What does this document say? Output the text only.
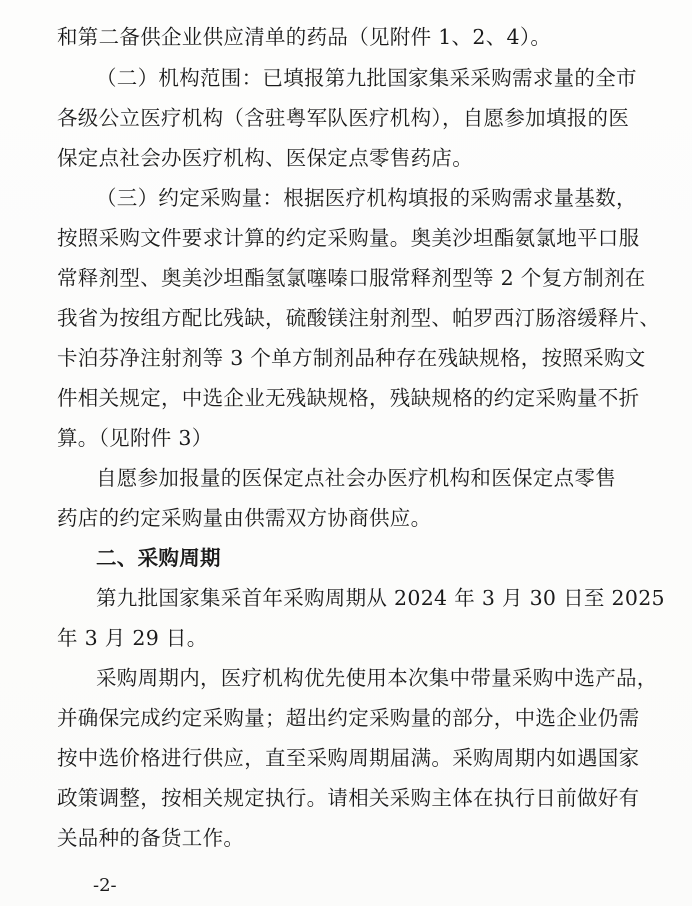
和第二备供企业供应清单的药品（见附件 1、2、4）。

（二）机构范围：已填报第九批国家集采采购需求量的全市

各级公立医疗机构（含驻粤军队医疗机构），自愿参加填报的医

保定点社会办医疗机构、医保定点零售药店。

（三）约定采购量：根据医疗机构填报的采购需求量基数，

按照采购文件要求计算的约定采购量。奥美沙坦酯氨氯地平口服

常释剂型、奥美沙坦酯氢氯噻嗪口服常释剂型等 2 个复方制剂在

我省为按组方配比残缺，硫酸镁注射剂型、帕罗西汀肠溶缓释片、

卡泊芬净注射剂等 3 个单方制剂品种存在残缺规格，按照采购文

件相关规定，中选企业无残缺规格，残缺规格的约定采购量不折

算。（见附件 3）

自愿参加报量的医保定点社会办医疗机构和医保定点零售

药店的约定采购量由供需双方协商供应。

二、采购周期

第九批国家集采首年采购周期从 2024 年 3 月 30 日至 2025

年 3 月 29 日。

采购周期内，医疗机构优先使用本次集中带量采购中选产品，

并确保完成约定采购量；超出约定采购量的部分，中选企业仍需

按中选价格进行供应，直至采购周期届满。采购周期内如遇国家

政策调整，按相关规定执行。请相关采购主体在执行日前做好有

关品种的备货工作。

-2-
